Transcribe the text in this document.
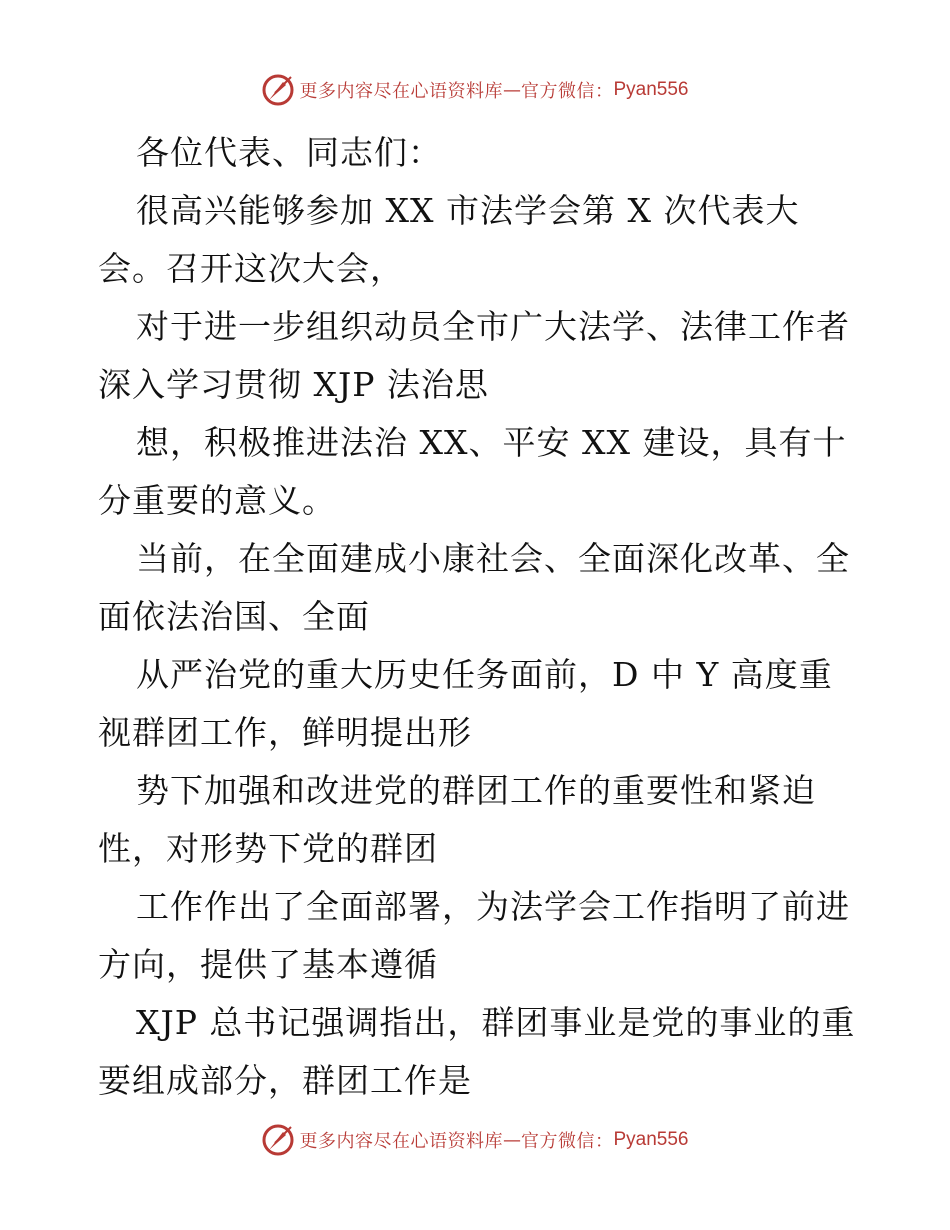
更多内容尽在心语资料库 — 官方微信： Pyan556
各位代表、同志们：
很高兴能够参加 XX 市法学会第 X 次代表大
会。召开这次大会，
对于进一步组织动员全市广大法学、法律工作者
深入学习贯彻 XJP 法治思
想，积极推进法治 XX、平安 XX 建设，具有十
分重要的意义。
当前，在全面建成小康社会、全面深化改革、全
面依法治国、全面
从严治党的重大历史任务面前，D 中 Y 高度重
视群团工作，鲜明提出形
势下加强和改进党的群团工作的重要性和紧迫
性，对形势下党的群团
工作作出了全面部署，为法学会工作指明了前进
方向，提供了基本遵循
XJP 总书记强调指出，群团事业是党的事业的重
要组成部分，群团工作是
更多内容尽在心语资料库 — 官方微信： Pyan556
